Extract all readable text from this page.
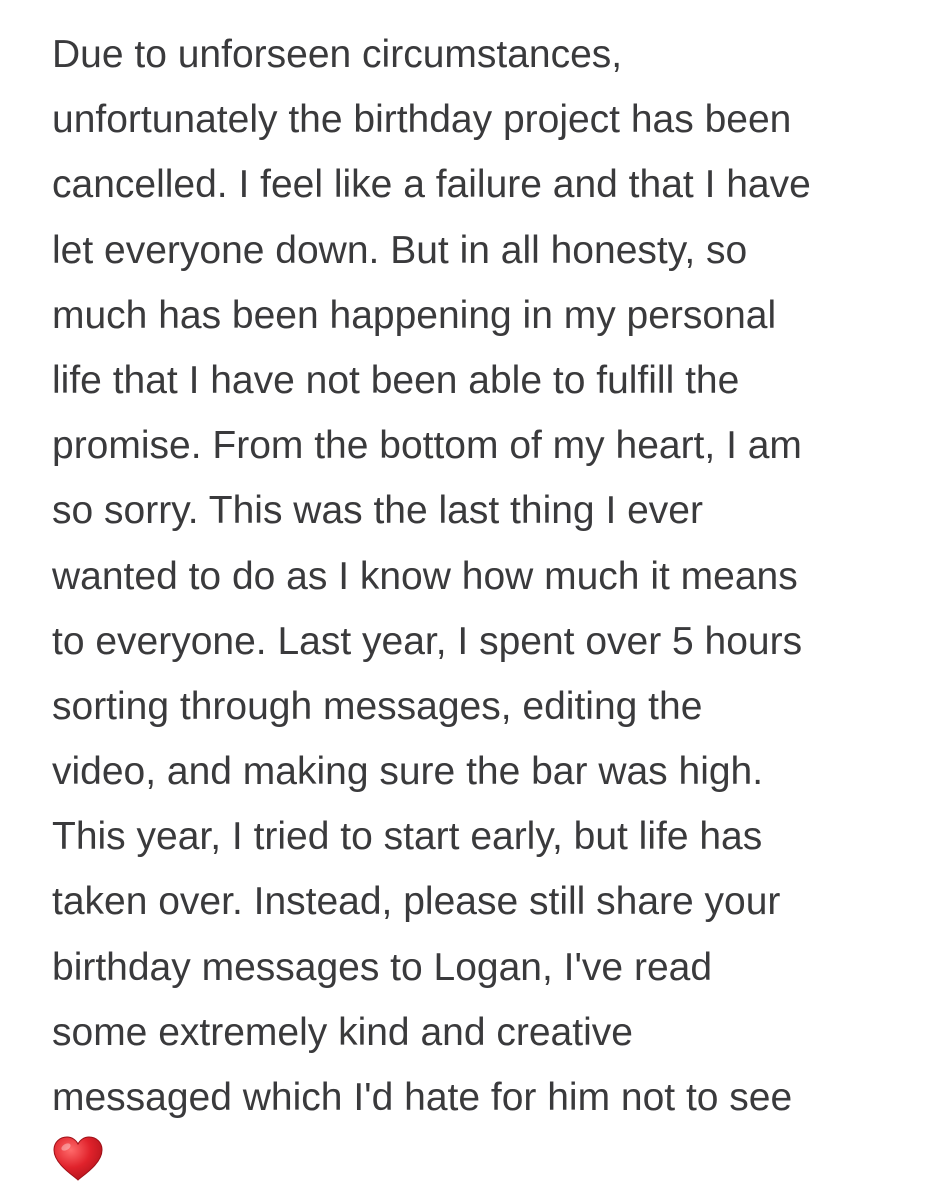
Due to unforseen circumstances,
unfortunately the birthday project has been
cancelled. I feel like a failure and that I have
let everyone down. But in all honesty, so
much has been happening in my personal
life that I have not been able to fulfill the
promise. From the bottom of my heart, I am
so sorry. This was the last thing I ever
wanted to do as I know how much it means
to everyone. Last year, I spent over 5 hours
sorting through messages, editing the
video, and making sure the bar was high.
This year, I tried to start early, but life has
taken over. Instead, please still share your
birthday messages to Logan, I've read
some extremely kind and creative
messaged which I'd hate for him not to see
